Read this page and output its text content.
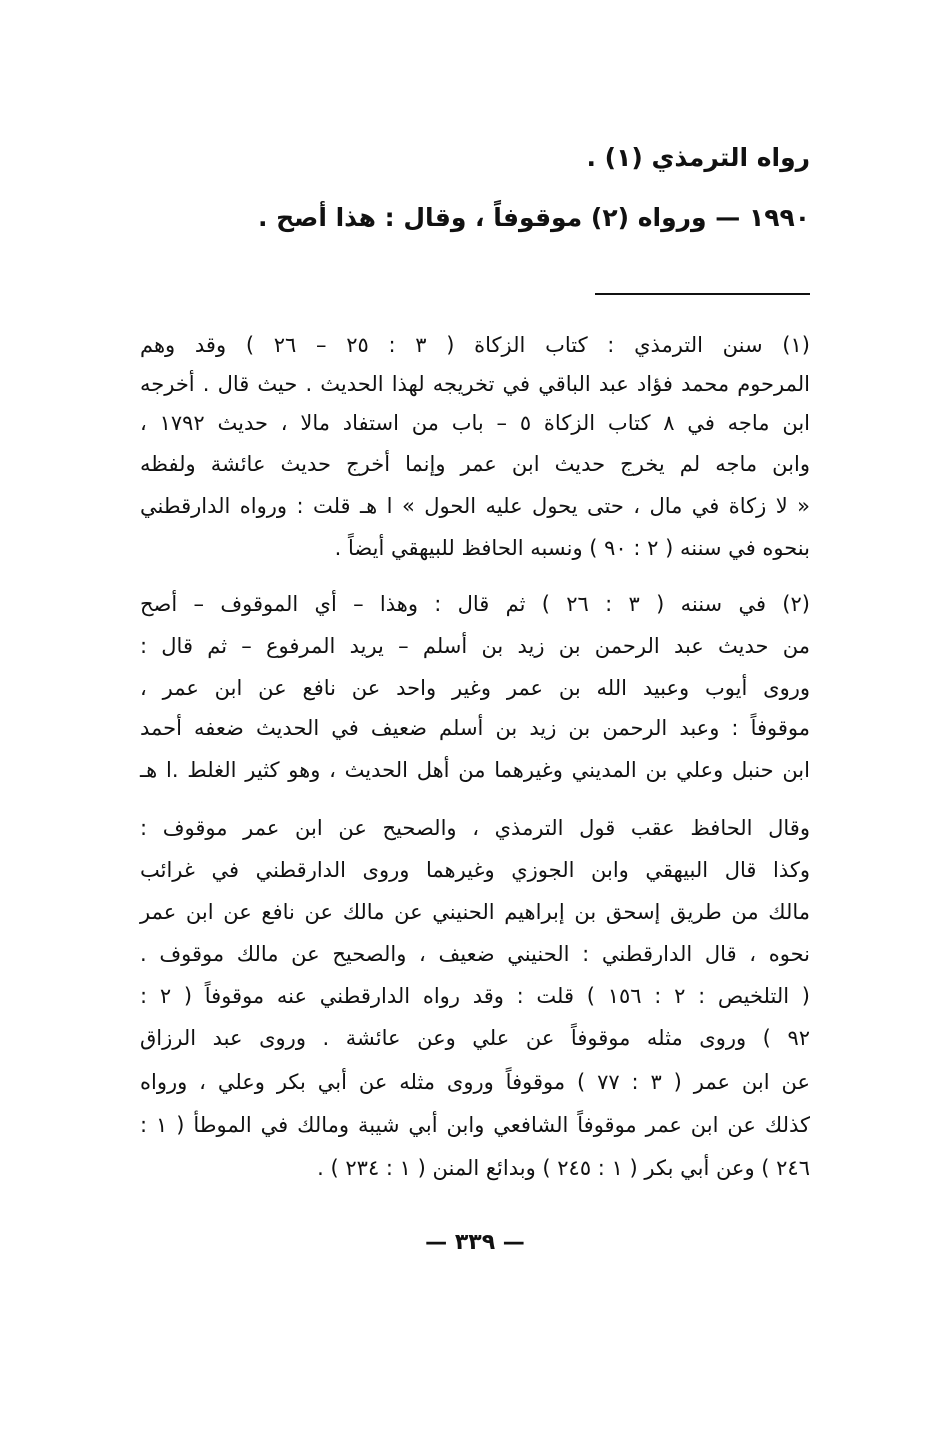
رواه الترمذي (١) .

١٩٩٠ — ورواه (٢) موقوفاً ، وقال : هذا أصح .

(١) سنن الترمذي : كتاب الزكاة ( ٣ : ٢٥ – ٢٦ ) وقد وهم

المرحوم محمد فؤاد عبد الباقي في تخريجه لهذا الحديث . حيث قال . أخرجه

ابن ماجه في ٨ كتاب الزكاة ٥ – باب من استفاد مالا ، حديث ١٧٩٢ ،

وابن ماجه لم يخرج حديث ابن عمر وإنما أخرج حديث عائشة ولفظه

« لا زكاة في مال ، حتى يحول عليه الحول » ا هـ قلت : ورواه الدارقطني

بنحوه في سننه ( ٢ : ٩٠ ) ونسبه الحافظ للبيهقي أيضاً .

(٢) في سننه ( ٣ : ٢٦ ) ثم قال : وهذا – أي الموقوف – أصح

من حديث عبد الرحمن بن زيد بن أسلم – يريد المرفوع – ثم قال :

وروى أيوب وعبيد الله بن عمر وغير واحد عن نافع عن ابن عمر ،

موقوفاً : وعبد الرحمن بن زيد بن أسلم ضعيف في الحديث ضعفه أحمد

ابن حنبل وعلي بن المديني وغيرهما من أهل الحديث ، وهو كثير الغلط .ا هـ

وقال الحافظ عقب قول الترمذي ، والصحيح عن ابن عمر موقوف :

وكذا قال البيهقي وابن الجوزي وغيرهما وروى الدارقطني في غرائب

مالك من طريق إسحق بن إبراهيم الحنيني عن مالك عن نافع عن ابن عمر

نحوه ، قال الدارقطني : الحنيني ضعيف ، والصحيح عن مالك موقوف .

( التلخيص : ٢ : ١٥٦ ) قلت : وقد رواه الدارقطني عنه موقوفاً ( ٢ :

٩٢ ) وروى مثله موقوفاً عن علي وعن عائشة . وروى عبد الرزاق

عن ابن عمر ( ٣ : ٧٧ ) موقوفاً وروى مثله عن أبي بكر وعلي ، ورواه

كذلك عن ابن عمر موقوفاً الشافعي وابن أبي شيبة ومالك في الموطأ ( ١ :

٢٤٦ ) وعن أبي بكر ( ١ : ٢٤٥ ) وبدائع المنن ( ١ : ٢٣٤ ) .

— ٣٣٩ —
